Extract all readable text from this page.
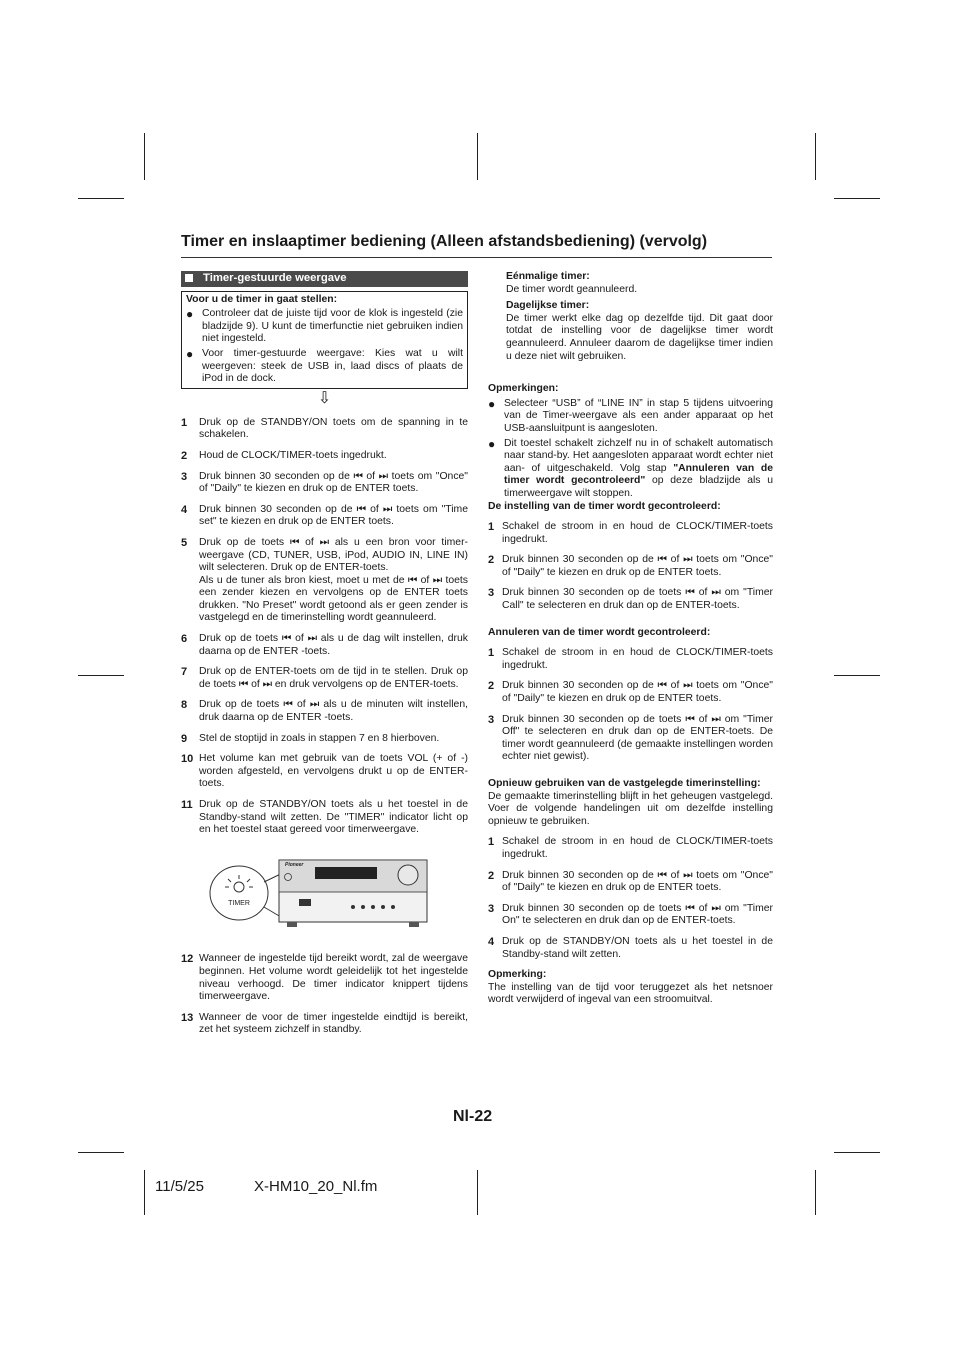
Timer en inslaaptimer bediening (Alleen afstandsbediening) (vervolg)
Timer-gestuurde weergave
Voor u de timer in gaat stellen:
● Controleer dat de juiste tijd voor de klok is ingesteld (zie bladzijde 9). U kunt de timerfunctie niet gebruiken indien niet ingesteld.
● Voor timer-gestuurde weergave: Kies wat u wilt weergeven: steek de USB in, laad discs of plaats de iPod in de dock.
⇩
1	Druk op de STANDBY/ON toets om de spanning in te schakelen.
2	Houd de CLOCK/TIMER-toets ingedrukt.
3	Druk binnen 30 seconden op de ⏮ of ⏭ toets om "Once" of "Daily" te kiezen en druk op de ENTER toets.
4	Druk binnen 30 seconden op de ⏮ of ⏭ toets om "Time set" te kiezen en druk op de ENTER toets.
5	Druk op de toets ⏮ of ⏭ als u een bron voor timer-weergave (CD, TUNER, USB, iPod, AUDIO IN, LINE IN) wilt selecteren. Druk op de ENTER-toets.
Als u de tuner als bron kiest, moet u met de ⏮ of ⏭ toets een zender kiezen en vervolgens op de ENTER toets drukken. "No Preset" wordt getoond als er geen zender is vastgelegd en de timerinstelling wordt geannuleerd.
6	Druk op de toets ⏮ of ⏭ als u de dag wilt instellen, druk daarna op de ENTER -toets.
7	Druk op de ENTER-toets om de tijd in te stellen. Druk op de toets ⏮ of ⏭ en druk vervolgens op de ENTER-toets.
8	Druk op de toets ⏮ of ⏭ als u de minuten wilt instellen, druk daarna op de ENTER -toets.
9	Stel de stoptijd in zoals in stappen 7 en 8 hierboven.
10 Het volume kan met gebruik van de toets VOL (+ of -) worden afgesteld, en vervolgens drukt u op de ENTER-toets.
11 Druk op de STANDBY/ON toets als u het toestel in de Standby-stand wilt zetten. De "TIMER" indicator licht op en het toestel staat gereed voor timerweergave.
TIMER
Pioneer
12 Wanneer de ingestelde tijd bereikt wordt, zal de weergave beginnen. Het volume wordt geleidelijk tot het ingestelde niveau verhoogd. De timer indicator knippert tijdens timerweergave.
13 Wanneer de voor de timer ingestelde eindtijd is bereikt, zet het systeem zichzelf in standby.
Eénmalige timer:
De timer wordt geannuleerd.
Dagelijkse timer:
De timer werkt elke dag op dezelfde tijd. Dit gaat door totdat de instelling voor de dagelijkse timer wordt geannuleerd. Annuleer daarom de dagelijkse timer indien u deze niet wilt gebruiken.
Opmerkingen:
● Selecteer “USB” of “LINE IN” in stap 5 tijdens uitvoering van de Timer-weergave als een ander apparaat op het USB-aansluitpunt is aangesloten.
● Dit toestel schakelt zichzelf nu in of schakelt automatisch naar stand-by. Het aangesloten apparaat wordt echter niet aan- of uitgeschakeld. Volg stap "Annuleren van de timer wordt gecontroleerd" op deze bladzijde als u timerweergave wilt stoppen.
De instelling van de timer wordt gecontroleerd:
1 Schakel de stroom in en houd de CLOCK/TIMER-toets ingedrukt.
2 Druk binnen 30 seconden op de ⏮ of ⏭ toets om "Once" of "Daily" te kiezen en druk op de ENTER toets.
3 Druk binnen 30 seconden op de toets ⏮ of ⏭ om "Timer Call" te selecteren en druk dan op de ENTER-toets.
Annuleren van de timer wordt gecontroleerd:
1 Schakel de stroom in en houd de CLOCK/TIMER-toets ingedrukt.
2 Druk binnen 30 seconden op de ⏮ of ⏭ toets om "Once" of "Daily" te kiezen en druk op de ENTER toets.
3 Druk binnen 30 seconden op de toets ⏮ of ⏭ om "Timer Off" te selecteren en druk dan op de ENTER-toets. De timer wordt geannuleerd (de gemaakte instellingen worden echter niet gewist).
Opnieuw gebruiken van de vastgelegde timerinstelling:
De gemaakte timerinstelling blijft in het geheugen vastgelegd. Voer de volgende handelingen uit om dezelfde instelling opnieuw te gebruiken.
1 Schakel de stroom in en houd de CLOCK/TIMER-toets ingedrukt.
2 Druk binnen 30 seconden op de ⏮ of ⏭ toets om "Once" of "Daily" te kiezen en druk op de ENTER toets.
3 Druk binnen 30 seconden op de toets ⏮ of ⏭ om "Timer On" te selecteren en druk dan op de ENTER-toets.
4 Druk op de STANDBY/ON toets als u het toestel in de Standby-stand wilt zetten.
Opmerking:
The instelling van de tijd voor teruggezet als het netsnoer wordt verwijderd of ingeval van een stroomuitval.
Nl-22
11/5/25	X-HM10_20_Nl.fm
